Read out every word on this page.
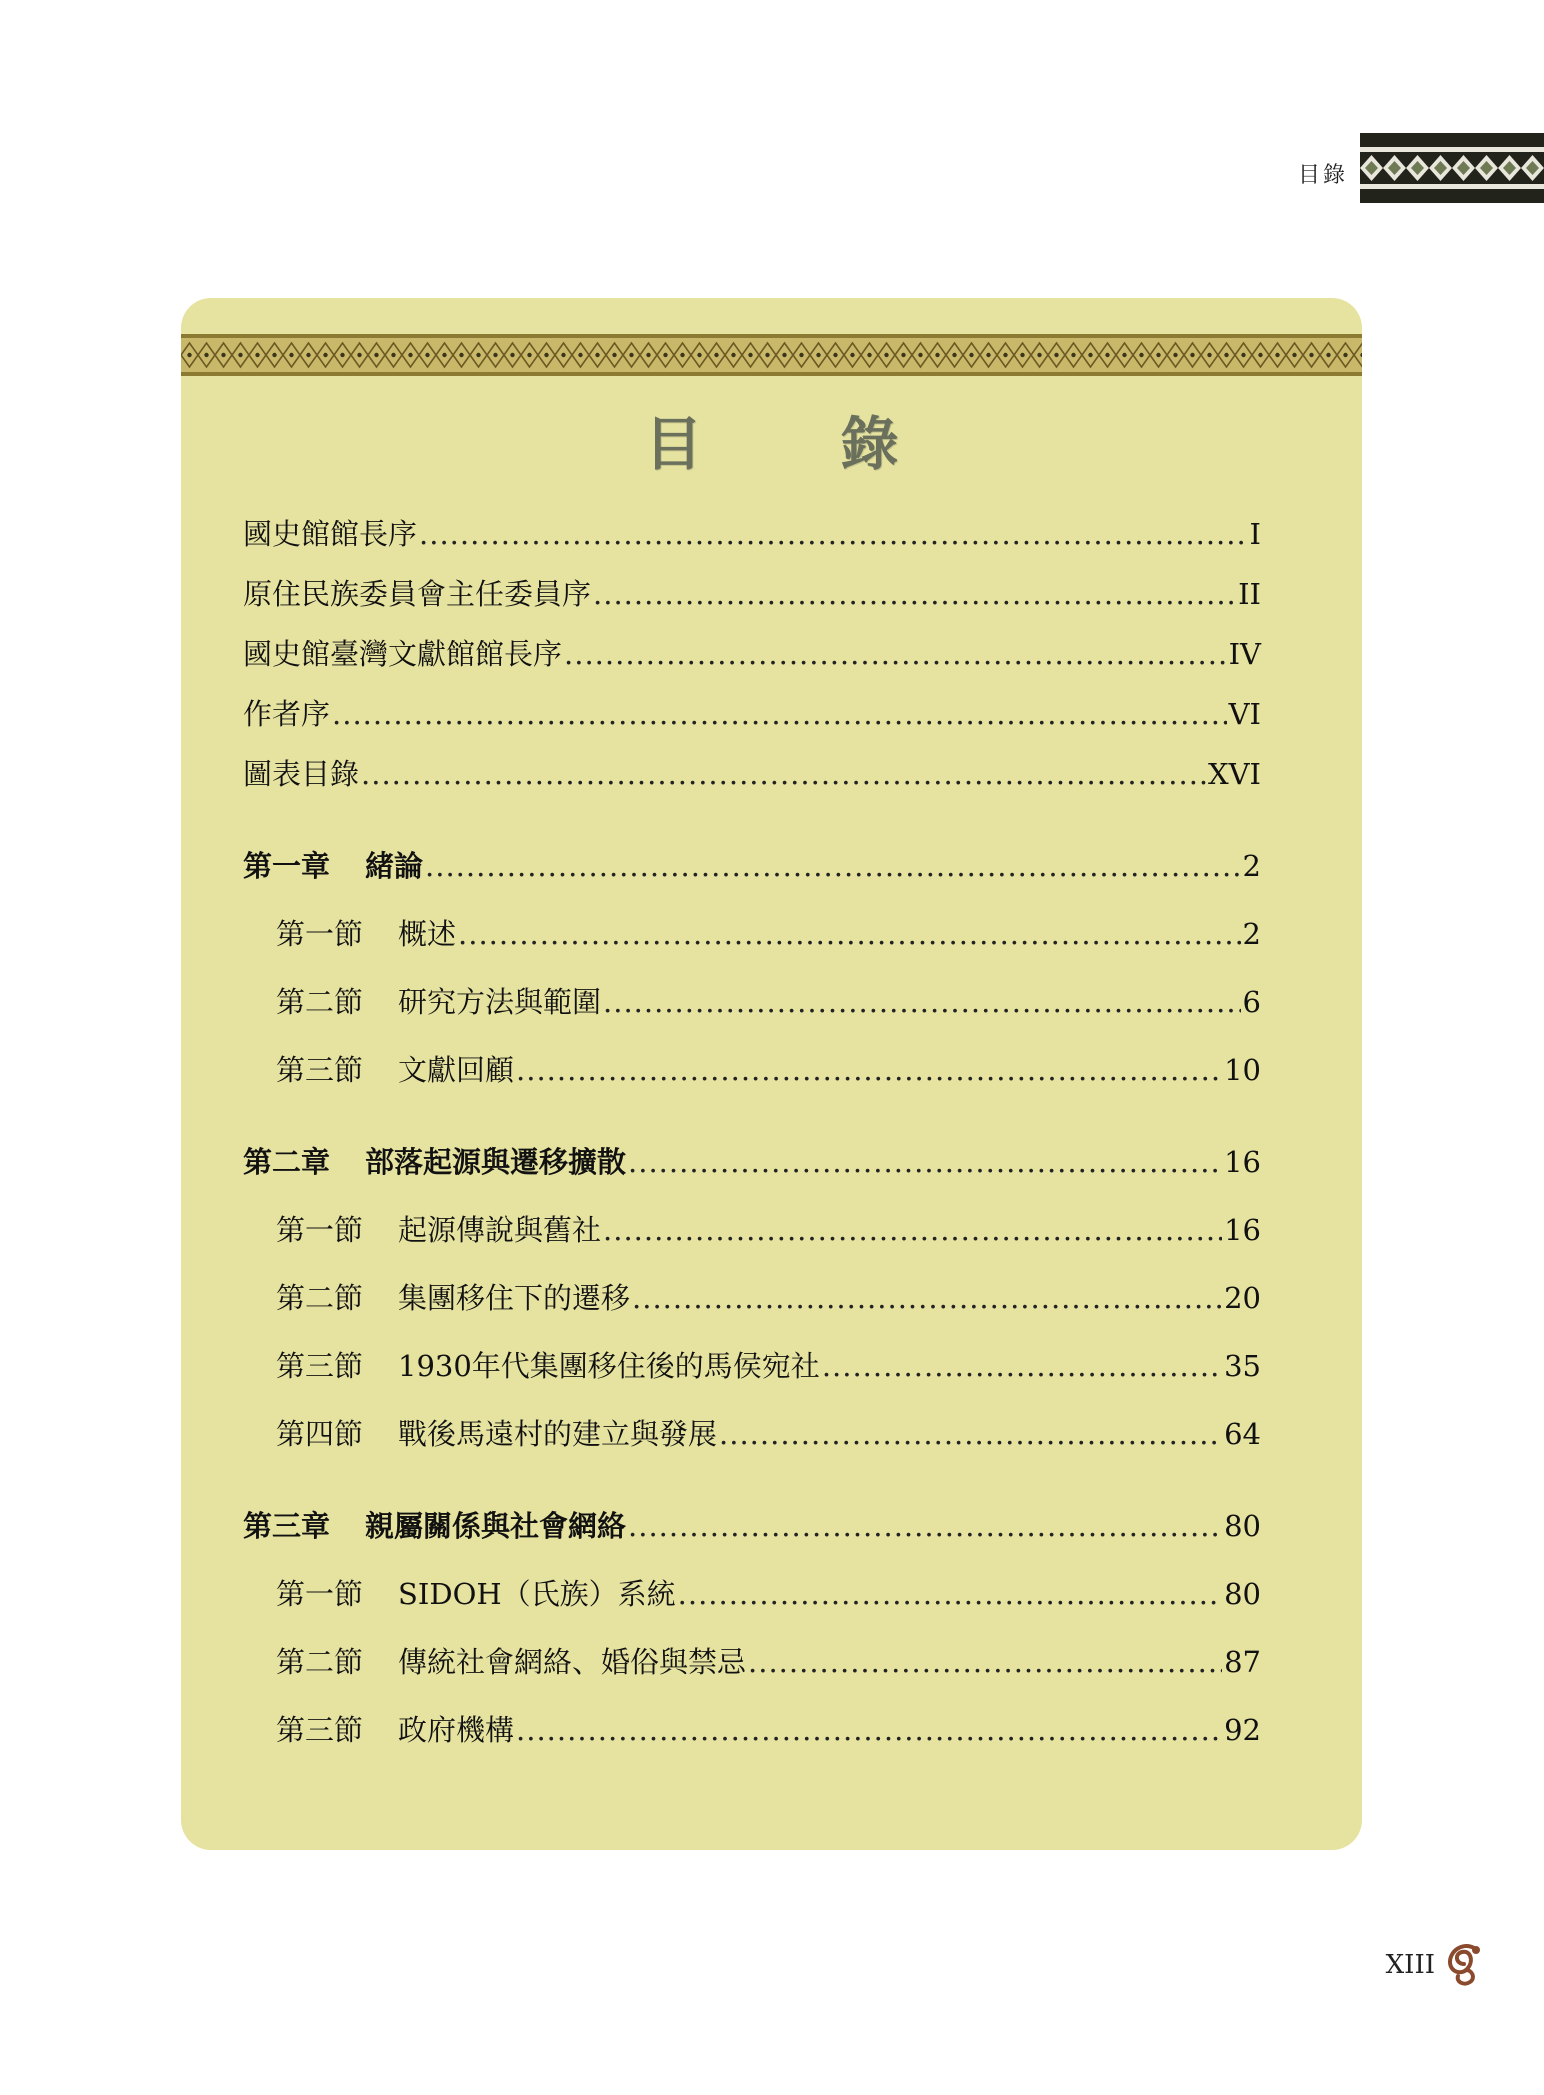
目錄
目　錄
國史館館長序 .....	I
原住民族委員會主任委員序 .....	II
國史館臺灣文獻館館長序 .....	IV
作者序 .....	VI
圖表目錄 .....	XVI
第一章 緒論 .....	2
第一節 概述 .....	2
第二節 研究方法與範圍 .....	6
第三節 文獻回顧 .....	10
第二章 部落起源與遷移擴散 .....	16
第一節 起源傳說與舊社 .....	16
第二節 集團移住下的遷移 .....	20
第三節 1930年代集團移住後的馬侯宛社 .....	35
第四節 戰後馬遠村的建立與發展 .....	64
第三章 親屬關係與社會網絡 .....	80
第一節 SIDOH（氏族）系統 .....	80
第二節 傳統社會網絡、婚俗與禁忌 .....	87
第三節 政府機構 .....	92
XIII
